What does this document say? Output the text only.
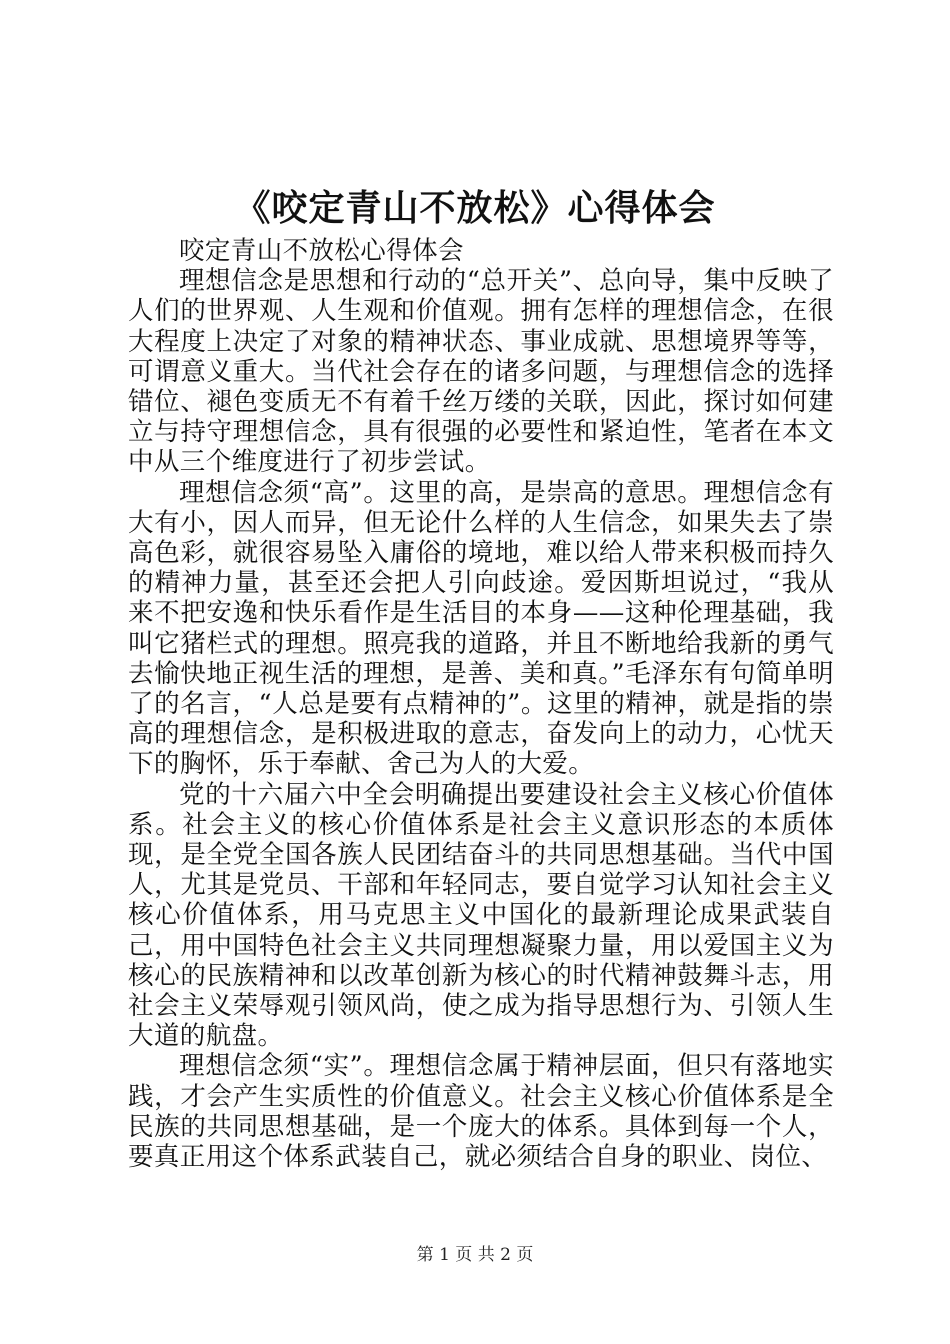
《咬定青山不放松》心得体会

咬定青山不放松心得体会

理想信念是思想和行动的“总开关”、总向导，集中反映了人们的世界观、人生观和价值观。拥有怎样的理想信念，在很大程度上决定了对象的精神状态、事业成就、思想境界等等，可谓意义重大。当代社会存在的诸多问题，与理想信念的选择错位、褪色变质无不有着千丝万缕的关联，因此，探讨如何建立与持守理想信念，具有很强的必要性和紧迫性，笔者在本文中从三个维度进行了初步尝试。

理想信念须“高”。这里的高，是崇高的意思。理想信念有大有小，因人而异，但无论什么样的人生信念，如果失去了崇高色彩，就很容易坠入庸俗的境地，难以给人带来积极而持久的精神力量，甚至还会把人引向歧途。爱因斯坦说过，“我从来不把安逸和快乐看作是生活目的本身——这种伦理基础，我叫它猪栏式的理想。照亮我的道路，并且不断地给我新的勇气去愉快地正视生活的理想，是善、美和真。”毛泽东有句简单明了的名言，“人总是要有点精神的”。这里的精神，就是指的崇高的理想信念，是积极进取的意志，奋发向上的动力，心忧天下的胸怀，乐于奉献、舍己为人的大爱。

党的十六届六中全会明确提出要建设社会主义核心价值体系。社会主义的核心价值体系是社会主义意识形态的本质体现，是全党全国各族人民团结奋斗的共同思想基础。当代中国人，尤其是党员、干部和年轻同志，要自觉学习认知社会主义核心价值体系，用马克思主义中国化的最新理论成果武装自己，用中国特色社会主义共同理想凝聚力量，用以爱国主义为核心的民族精神和以改革创新为核心的时代精神鼓舞斗志，用社会主义荣辱观引领风尚，使之成为指导思想行为、引领人生大道的航盘。

理想信念须“实”。理想信念属于精神层面，但只有落地实践，才会产生实质性的价值意义。社会主义核心价值体系是全民族的共同思想基础，是一个庞大的体系。具体到每一个人，要真正用这个体系武装自己，就必须结合自身的职业、岗位、

第 1 页 共 2 页
